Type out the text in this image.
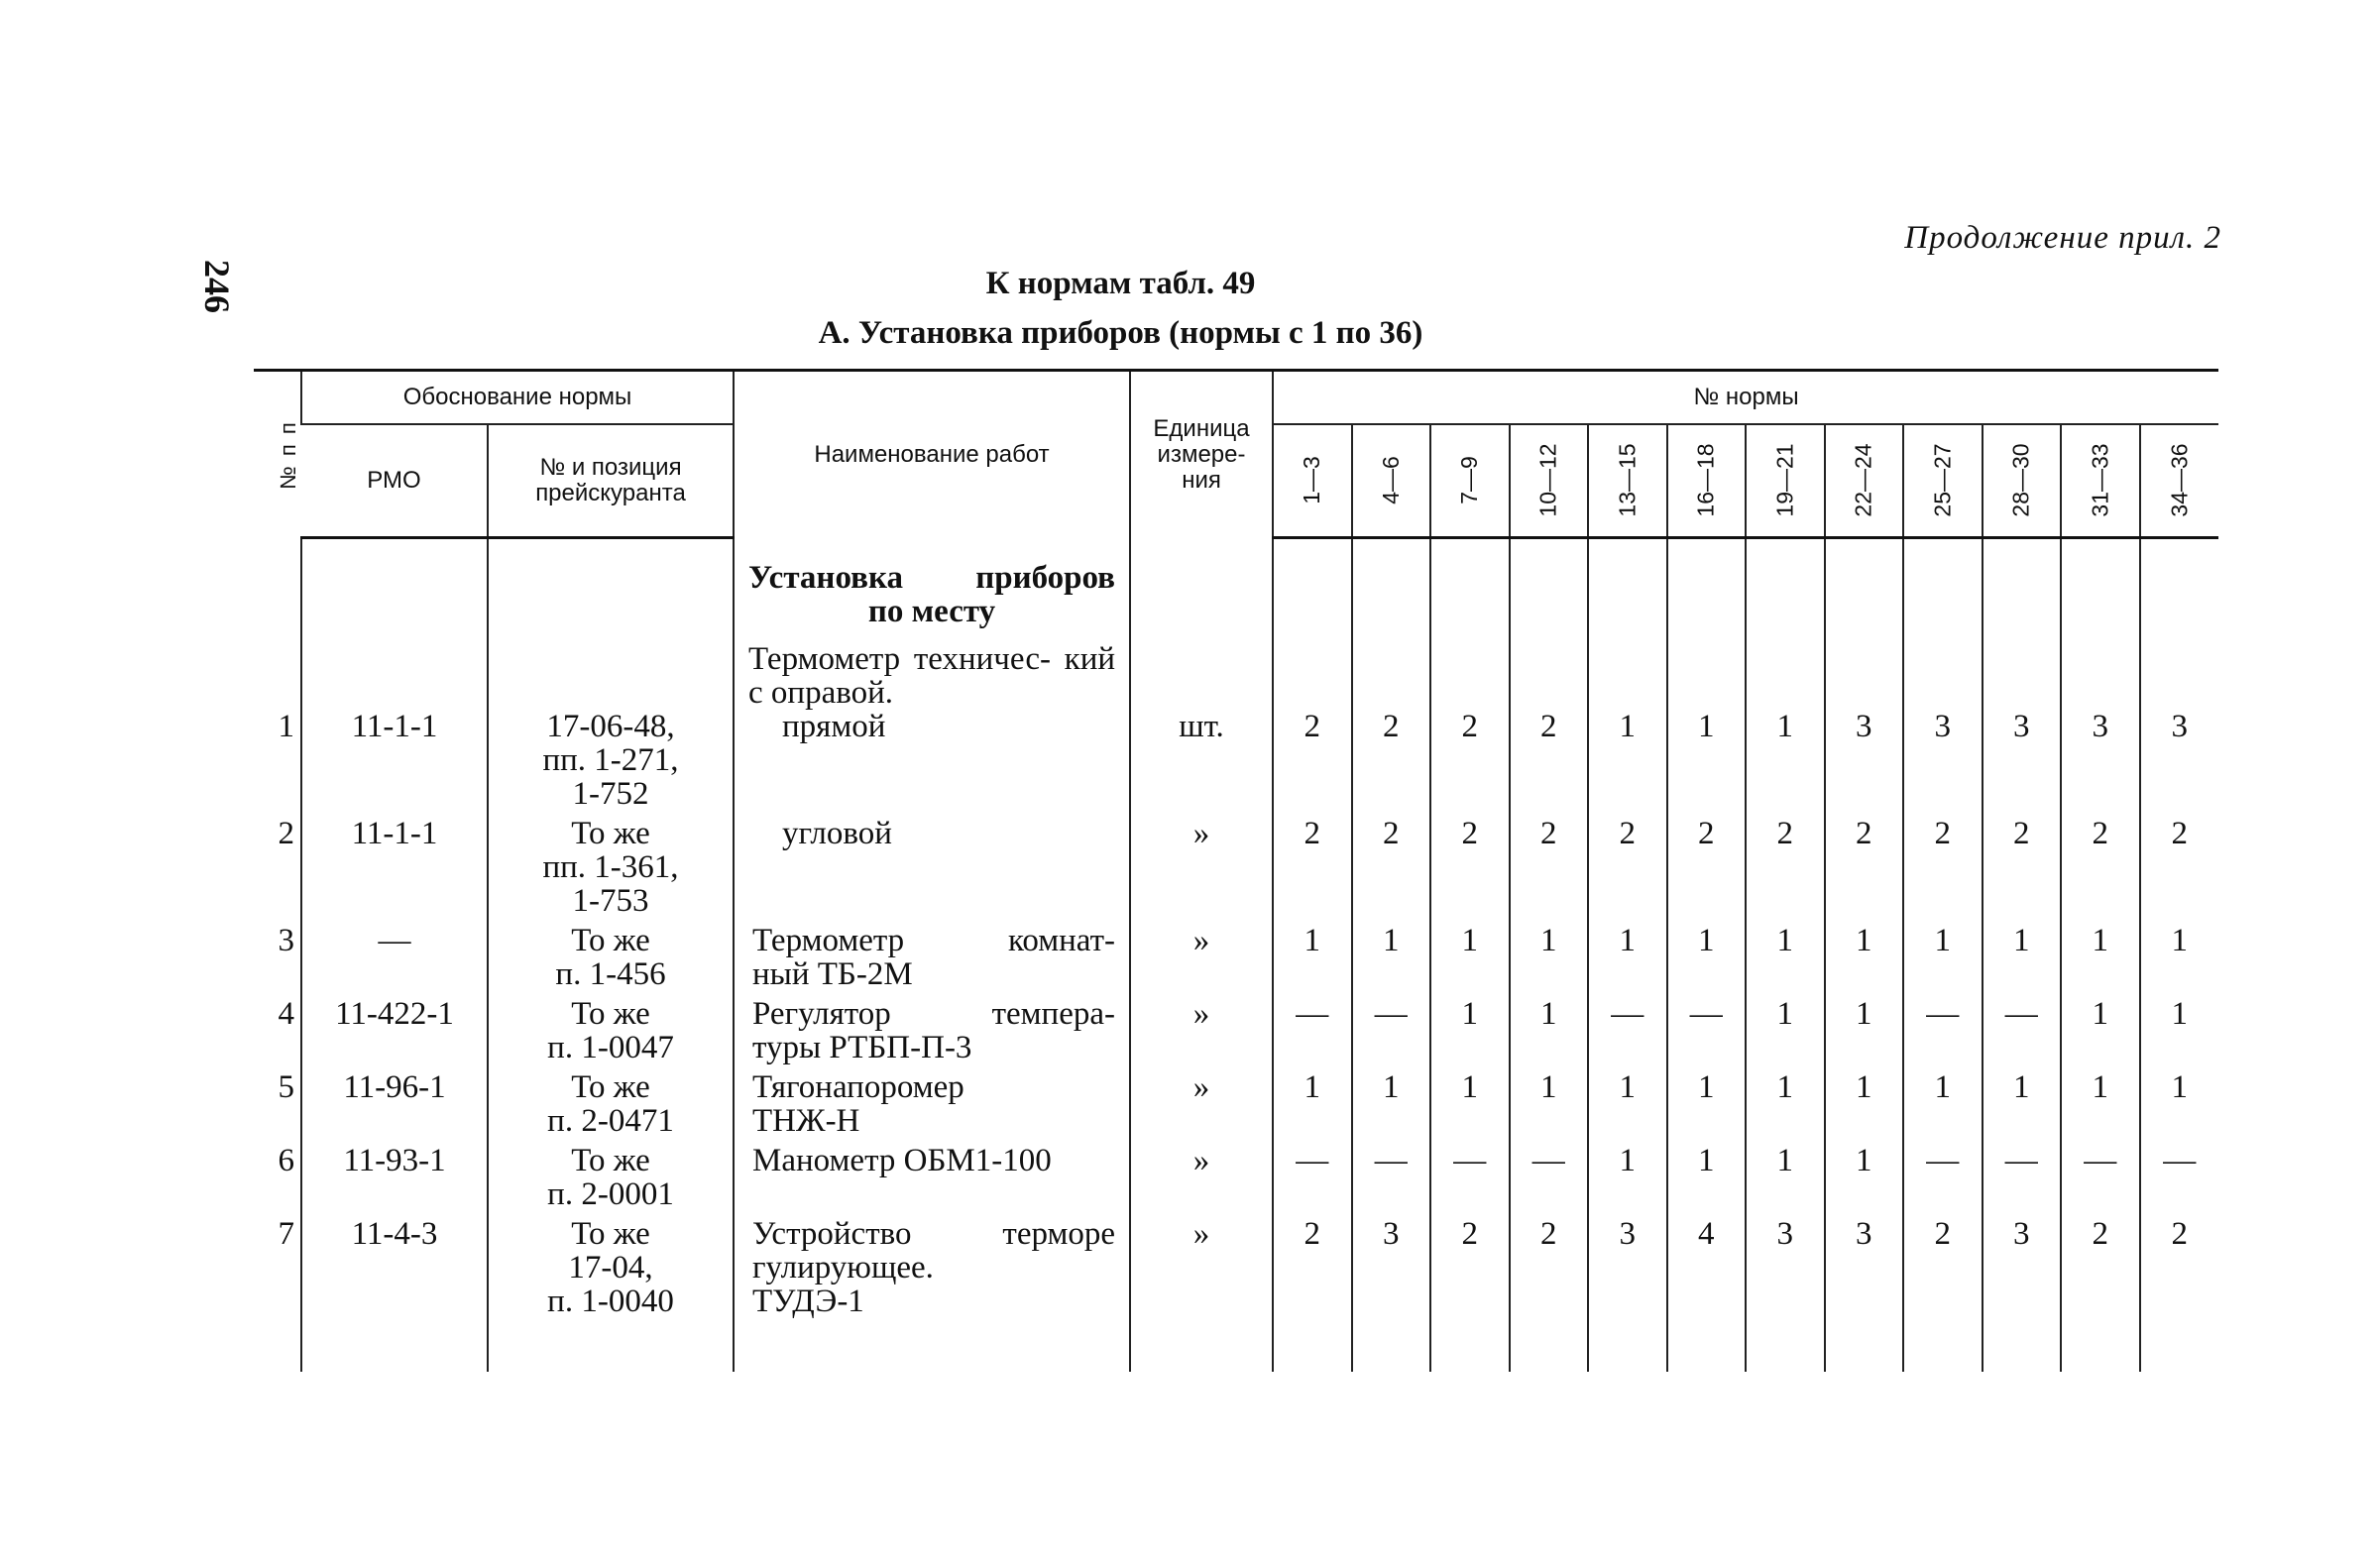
246
Продолжение прил. 2
К нормам табл. 49
А. Установка приборов (нормы с 1 по 36)
№ п п	Обоснование нормы		Наименование работ	Единица измере- ния	№ нормы											
	РМО	№ и позиция прейскуранта			1—3	4—6	7—9	10—12	13—15	16—18	19—21	22—24	25—27	28—30	31—33	34—36

			Установка приборов
по месту
Термометр техничес- кий с оправой.													

1	11-1-1	17-06-48,
пп. 1-271,
1-752	прямой	шт.	2	2	2	2	1	1	1	3	3	3	3	3
2	11-1-1	То же
пп. 1-361,
1-753	угловой	»	2	2	2	2	2	2	2	2	2	2	2	2
3	—	То же
п. 1-456	Термометр комнат-
ный ТБ-2М	»	1	1	1	1	1	1	1	1	1	1	1	1
4	11-422-1	То же
п. 1-0047	Регулятор темпера-
туры РТБП-П-3	»	—	—	1	1	—	—	1	1	—	—	1	1
5	11-96-1	То же
п. 2-0471	Тягонапоромер
ТНЖ-Н	»	1	1	1	1	1	1	1	1	1	1	1	1
6	11-93-1	То же
п. 2-0001	Манометр ОБМ1-100	»	—	—	—	—	1	1	1	1	—	—	—	—
7	11-4-3	То же
17-04,
п. 1-0040	Устройство терморе
гулирующее.
ТУДЭ-1	»	2	3	2	2	3	4	3	3	2	3	2	2
